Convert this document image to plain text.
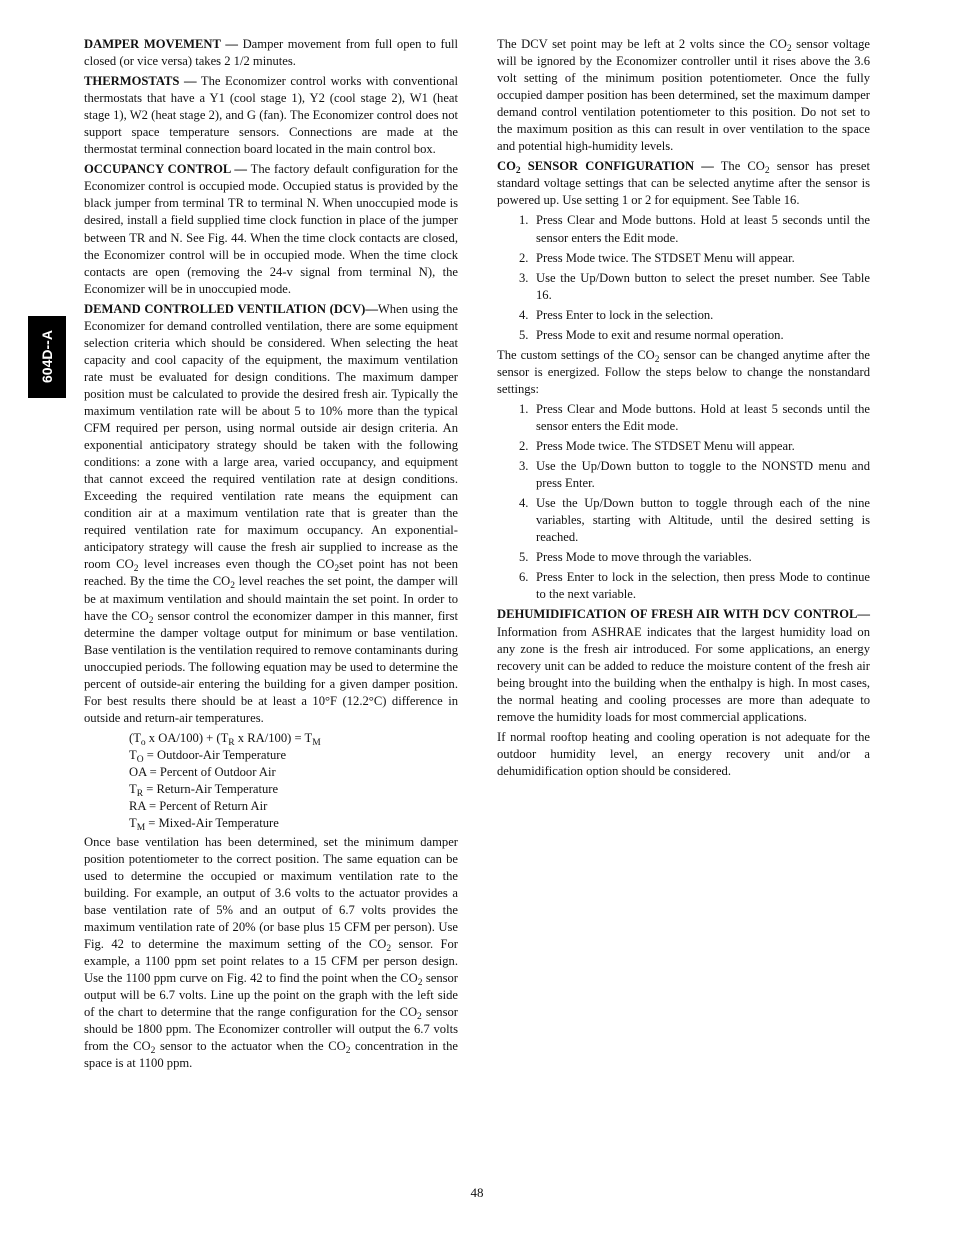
604D--A

DAMPER MOVEMENT — Damper movement from full open to full closed (or vice versa) takes 2 1/2 minutes.

THERMOSTATS — The Economizer control works with conventional thermostats that have a Y1 (cool stage 1), Y2 (cool stage 2), W1 (heat stage 1), W2 (heat stage 2), and G (fan). The Economizer control does not support space temperature sensors. Connections are made at the thermostat terminal connection board located in the main control box.

OCCUPANCY CONTROL — The factory default configuration for the Economizer control is occupied mode. Occupied status is provided by the black jumper from terminal TR to terminal N. When unoccupied mode is desired, install a field supplied time clock function in place of the jumper between TR and N. See Fig. 44. When the time clock contacts are closed, the Economizer control will be in occupied mode. When the time clock contacts are open (removing the 24-v signal from terminal N), the Economizer will be in unoccupied mode.

DEMAND CONTROLLED VENTILATION (DCV)—When using the Economizer for demand controlled ventilation, there are some equipment selection criteria which should be considered. When selecting the heat capacity and cool capacity of the equipment, the maximum ventilation rate must be evaluated for design conditions. The maximum damper position must be calculated to provide the desired fresh air. Typically the maximum ventilation rate will be about 5 to 10% more than the typical CFM required per person, using normal outside air design criteria. An exponential anticipatory strategy should be taken with the following conditions: a zone with a large area, varied occupancy, and equipment that cannot exceed the required ventilation rate at design conditions. Exceeding the required ventilation rate means the equipment can condition air at a maximum ventilation rate that is greater than the required ventilation rate for maximum occupancy. An exponential-anticipatory strategy will cause the fresh air supplied to increase as the room $CO_2$ level increases even though the $CO_2set$ point has not been reached. By the time the $CO_2$ level reaches the set point, the damper will be at maximum ventilation and should maintain the set point. In order to have the $CO_2$ sensor control the economizer damper in this manner, first determine the damper voltage output for minimum or base ventilation. Base ventilation is the ventilation required to remove contaminants during unoccupied periods. The following equation may be used to determine the percent of outside-air entering the building for a given damper position. For best results there should be at least a 10°F (12.2°C) difference in outside and return-air temperatures.

($T_o$ x $OA/100) + (T_R$ x $RA/100) = T_M$
$T_O$ = Outdoor-Air Temperature
OA = Percent of Outdoor Air
$T_R$ = Return-Air Temperature
RA = Percent of Return Air
$T_M$ = Mixed-Air Temperature

Once base ventilation has been determined, set the minimum damper position potentiometer to the correct position. The same equation can be used to determine the occupied or maximum ventilation rate to the building. For example, an output of 3.6 volts to the actuator provides a base ventilation rate of 5% and an output of 6.7 volts provides the maximum ventilation rate of 20% (or base plus 15 CFM per person). Use Fig. 42 to determine the maximum setting of the $CO_2$ sensor. For example, a 1100 ppm set point relates to a 15 CFM per person design. Use the 1100 ppm curve on Fig. 42 to find the point when the $CO_2$ sensor output will be 6.7 volts. Line up the point on the graph with the left side of the chart to determine that the range configuration for the $CO_2$ sensor should be 1800 ppm. The Economizer controller will output the 6.7 volts from the $CO_2$ sensor to the actuator when the $CO_2$ concentration in the space is at 1100 ppm.

The DCV set point may be left at 2 volts since the $CO_2$ sensor voltage will be ignored by the Economizer controller until it rises above the 3.6 volt setting of the minimum position potentiometer. Once the fully occupied damper position has been determined, set the maximum damper demand control ventilation potentiometer to this position. Do not set to the maximum position as this can result in over ventilation to the space and potential high-humidity levels.

$CO_2$ SENSOR CONFIGURATION — The $CO_2$ sensor has preset standard voltage settings that can be selected anytime after the sensor is powered up. Use setting 1 or 2 for equipment. See Table 16.

1. Press Clear and Mode buttons. Hold at least 5 seconds until the sensor enters the Edit mode.
2. Press Mode twice. The STDSET Menu will appear.
3. Use the Up/Down button to select the preset number. See Table 16.
4. Press Enter to lock in the selection.
5. Press Mode to exit and resume normal operation.

The custom settings of the $CO_2$ sensor can be changed anytime after the sensor is energized. Follow the steps below to change the nonstandard settings:

1. Press Clear and Mode buttons. Hold at least 5 seconds until the sensor enters the Edit mode.
2. Press Mode twice. The STDSET Menu will appear.
3. Use the Up/Down button to toggle to the NONSTD menu and press Enter.
4. Use the Up/Down button to toggle through each of the nine variables, starting with Altitude, until the desired setting is reached.
5. Press Mode to move through the variables.
6. Press Enter to lock in the selection, then press Mode to continue to the next variable.

DEHUMIDIFICATION OF FRESH AIR WITH DCV CONTROL—Information from ASHRAE indicates that the largest humidity load on any zone is the fresh air introduced. For some applications, an energy recovery unit can be added to reduce the moisture content of the fresh air being brought into the building when the enthalpy is high. In most cases, the normal heating and cooling processes are more than adequate to remove the humidity loads for most commercial applications.

If normal rooftop heating and cooling operation is not adequate for the outdoor humidity level, an energy recovery unit and/or a dehumidification option should be considered.

48
